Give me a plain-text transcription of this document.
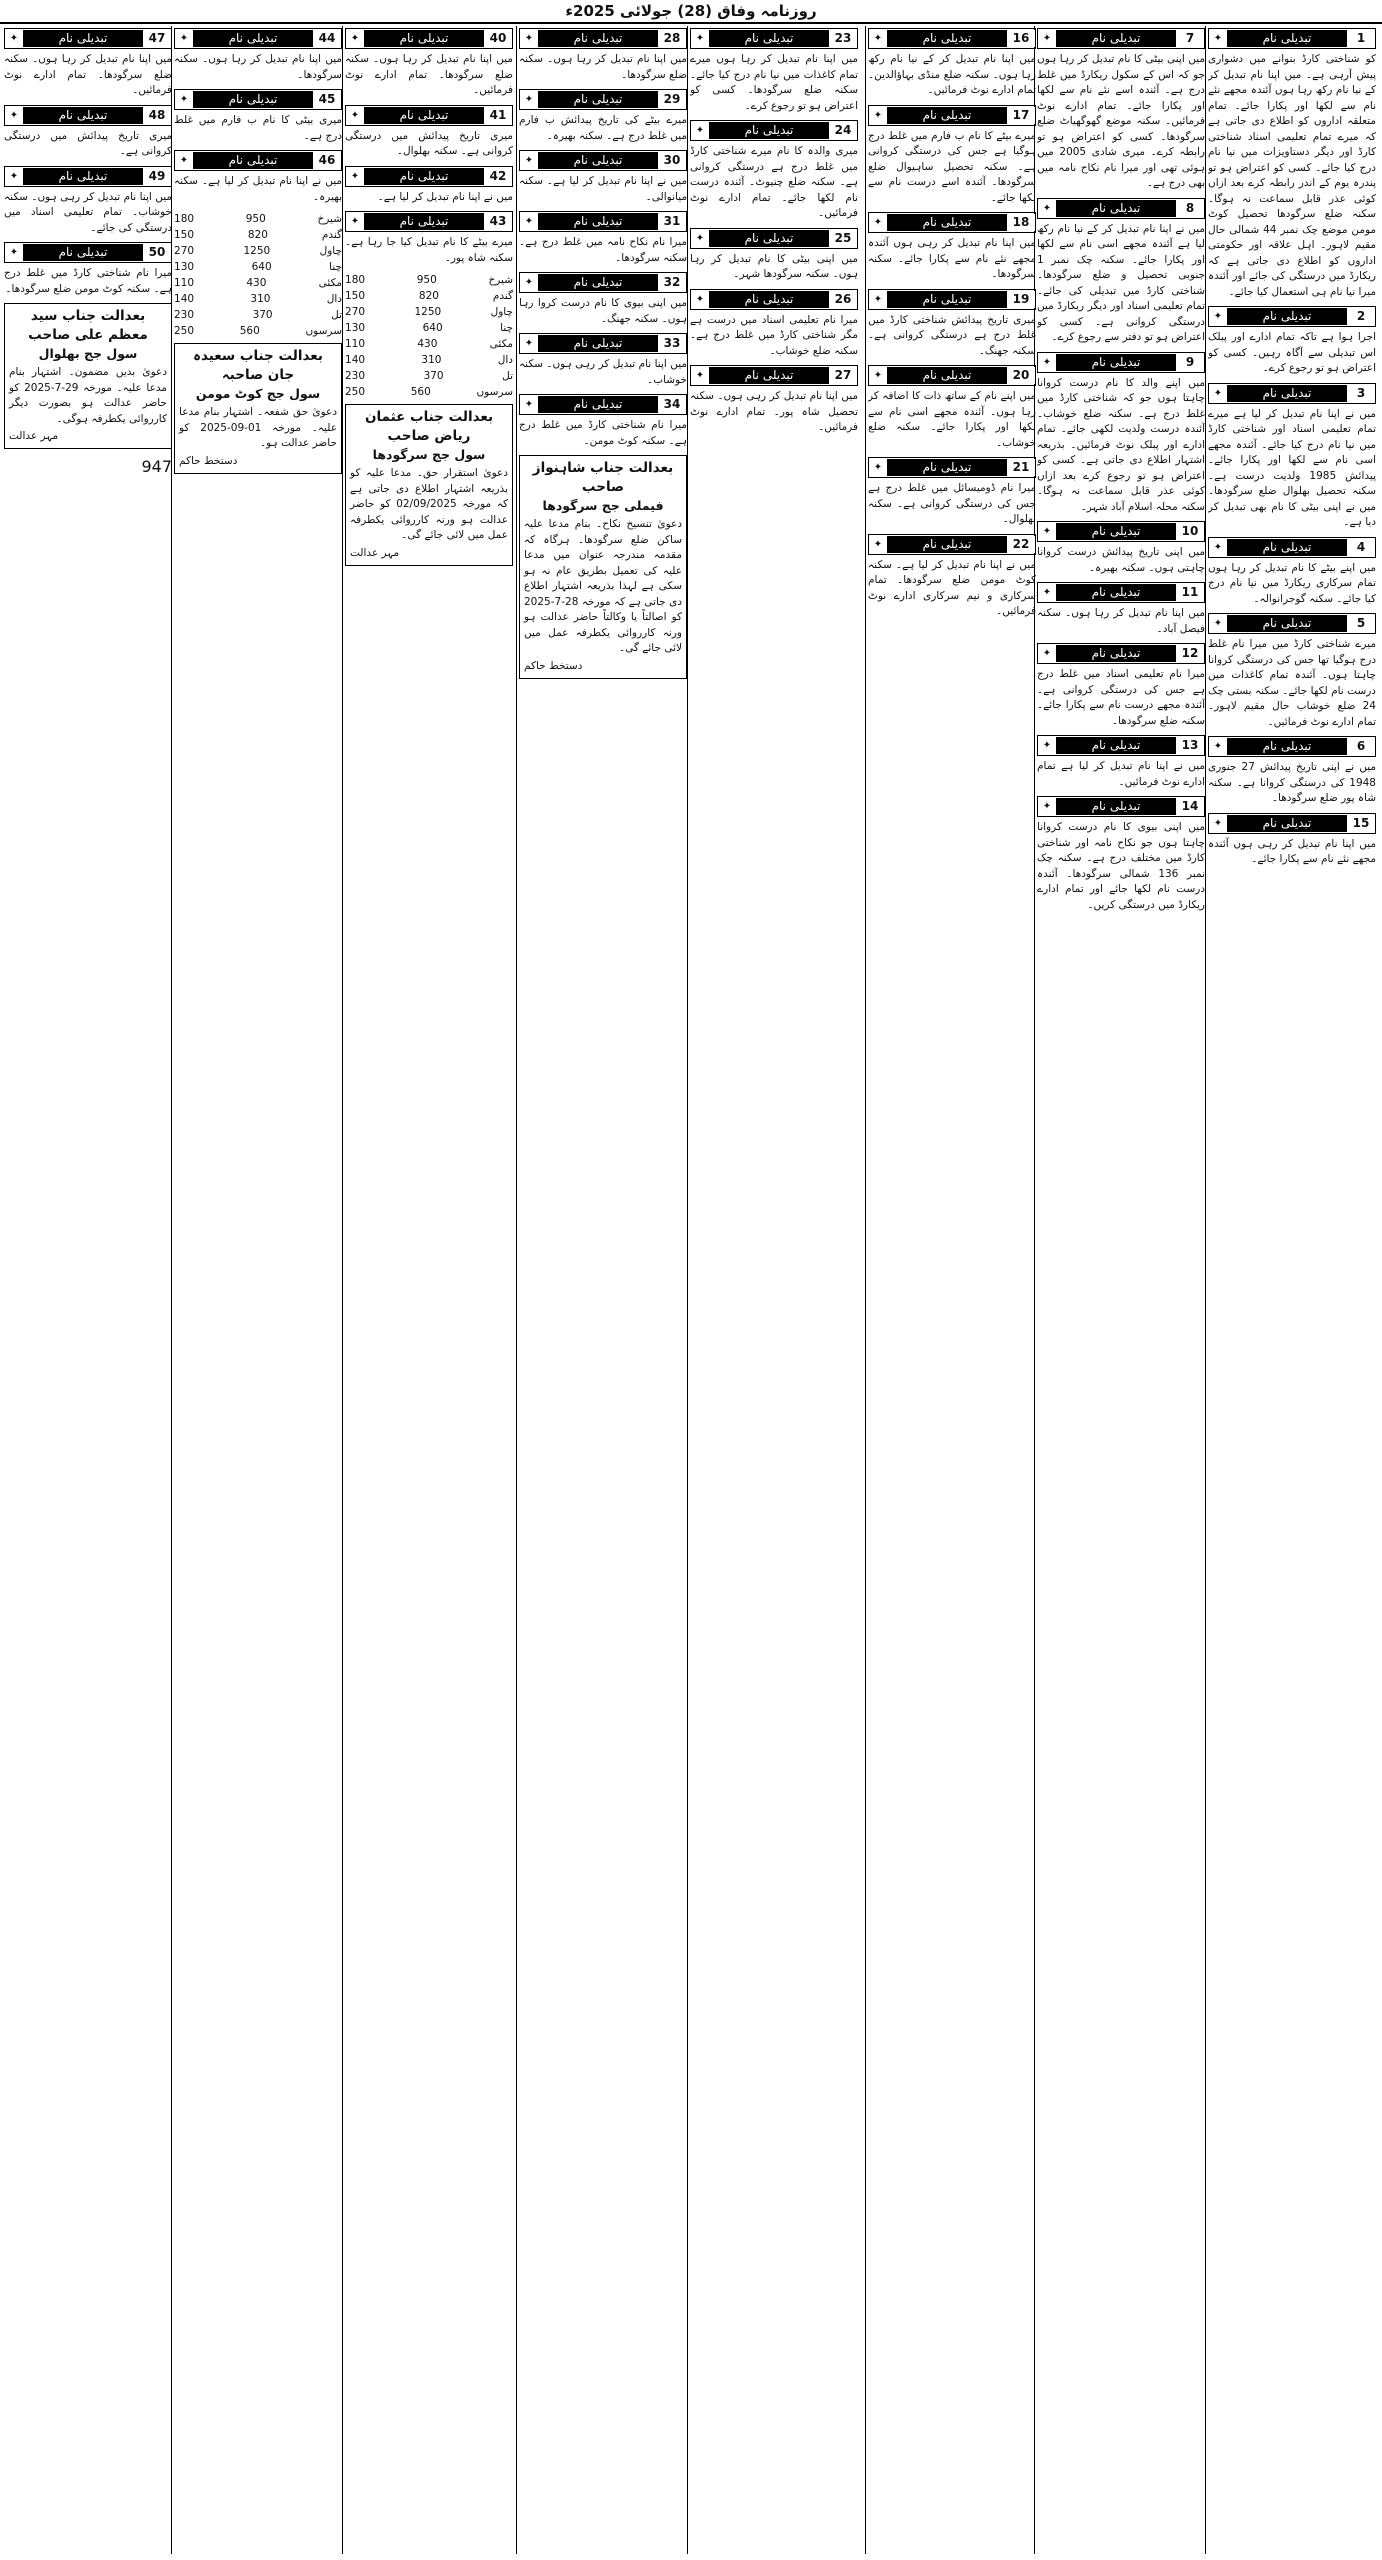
روزنامہ وفاق (28) جولائی 2025ء
1
تبدیلی نام
✦
کو شناختی کارڈ بنوانے میں دشواری پیش آرہی ہے۔ میں اپنا نام تبدیل کر کے نیا نام رکھ رہا ہوں آئندہ مجھے نئے نام سے لکھا اور پکارا جائے۔ تمام متعلقہ اداروں کو اطلاع دی جاتی ہے کہ میرے تمام تعلیمی اسناد شناختی کارڈ اور دیگر دستاویزات میں نیا نام درج کیا جائے۔ کسی کو اعتراض ہو تو پندرہ یوم کے اندر رابطہ کرے بعد ازاں کوئی عذر قابل سماعت نہ ہوگا۔ سکنہ ضلع سرگودھا تحصیل کوٹ مومن موضع چک نمبر 44 شمالی حال مقیم لاہور۔ اہل علاقہ اور حکومتی اداروں کو اطلاع دی جاتی ہے کہ ریکارڈ میں درستگی کی جائے اور آئندہ میرا نیا نام ہی استعمال کیا جائے۔
2
تبدیلی نام
✦
اجرا ہوا ہے تاکہ تمام ادارے اور پبلک اس تبدیلی سے آگاہ رہیں۔ کسی کو اعتراض ہو تو رجوع کرے۔
3
تبدیلی نام
✦
میں نے اپنا نام تبدیل کر لیا ہے میرے تمام تعلیمی اسناد اور شناختی کارڈ میں نیا نام درج کیا جائے۔ آئندہ مجھے اسی نام سے لکھا اور پکارا جائے۔ پیدائش 1985 ولدیت درست ہے۔ سکنہ تحصیل بھلوال ضلع سرگودھا۔ میں نے اپنی بیٹی کا نام بھی تبدیل کر دیا ہے۔
4
تبدیلی نام
✦
میں اپنے بیٹے کا نام تبدیل کر رہا ہوں تمام سرکاری ریکارڈ میں نیا نام درج کیا جائے۔ سکنہ گوجرانوالہ۔
5
تبدیلی نام
✦
میرے شناختی کارڈ میں میرا نام غلط درج ہوگیا تھا جس کی درستگی کروانا چاہتا ہوں۔ آئندہ تمام کاغذات میں درست نام لکھا جائے۔ سکنہ بستی چک 24 ضلع خوشاب حال مقیم لاہور۔ تمام ادارے نوٹ فرمائیں۔
6
تبدیلی نام
✦
میں نے اپنی تاریخ پیدائش 27 جنوری 1948 کی درستگی کروانا ہے۔ سکنہ شاہ پور ضلع سرگودھا۔
15
تبدیلی نام
✦
میں اپنا نام تبدیل کر رہی ہوں آئندہ مجھے نئے نام سے پکارا جائے۔
7
تبدیلی نام
✦
میں اپنی بیٹی کا نام تبدیل کر رہا ہوں جو کہ اس کے سکول ریکارڈ میں غلط درج ہے۔ آئندہ اسے نئے نام سے لکھا اور پکارا جائے۔ تمام ادارے نوٹ فرمائیں۔ سکنہ موضع گھوگھیاٹ ضلع سرگودھا۔ کسی کو اعتراض ہو تو رابطہ کرے۔ میری شادی 2005 میں ہوئی تھی اور میرا نام نکاح نامہ میں بھی درج ہے۔
8
تبدیلی نام
✦
میں نے اپنا نام تبدیل کر کے نیا نام رکھ لیا ہے آئندہ مجھے اسی نام سے لکھا اور پکارا جائے۔ سکنہ چک نمبر 1 جنوبی تحصیل و ضلع سرگودھا۔ شناختی کارڈ میں تبدیلی کی جائے۔ تمام تعلیمی اسناد اور دیگر ریکارڈ میں درستگی کروانی ہے۔ کسی کو اعتراض ہو تو دفتر سے رجوع کرے۔
9
تبدیلی نام
✦
میں اپنے والد کا نام درست کروانا چاہتا ہوں جو کہ شناختی کارڈ میں غلط درج ہے۔ سکنہ ضلع خوشاب۔ آئندہ درست ولدیت لکھی جائے۔ تمام ادارے اور پبلک نوٹ فرمائیں۔ بذریعہ اشتہار اطلاع دی جاتی ہے۔ کسی کو اعتراض ہو تو رجوع کرے بعد ازاں کوئی عذر قابل سماعت نہ ہوگا۔ سکنہ محلہ اسلام آباد شہر۔
10
تبدیلی نام
✦
میں اپنی تاریخ پیدائش درست کروانا چاہتی ہوں۔ سکنہ بھیرہ۔
11
تبدیلی نام
✦
میں اپنا نام تبدیل کر رہا ہوں۔ سکنہ فیصل آباد۔
12
تبدیلی نام
✦
میرا نام تعلیمی اسناد میں غلط درج ہے جس کی درستگی کروانی ہے۔ آئندہ مجھے درست نام سے پکارا جائے۔ سکنہ ضلع سرگودھا۔
13
تبدیلی نام
✦
میں نے اپنا نام تبدیل کر لیا ہے تمام ادارے نوٹ فرمائیں۔
14
تبدیلی نام
✦
میں اپنی بیوی کا نام درست کروانا چاہتا ہوں جو نکاح نامہ اور شناختی کارڈ میں مختلف درج ہے۔ سکنہ چک نمبر 136 شمالی سرگودھا۔ آئندہ درست نام لکھا جائے اور تمام ادارے ریکارڈ میں درستگی کریں۔
16
تبدیلی نام
✦
میں اپنا نام تبدیل کر کے نیا نام رکھ رہا ہوں۔ سکنہ ضلع منڈی بہاؤالدین۔ تمام ادارے نوٹ فرمائیں۔
17
تبدیلی نام
✦
میرے بیٹے کا نام ب فارم میں غلط درج ہوگیا ہے جس کی درستگی کروانی ہے۔ سکنہ تحصیل ساہیوال ضلع سرگودھا۔ آئندہ اسے درست نام سے لکھا جائے۔
18
تبدیلی نام
✦
میں اپنا نام تبدیل کر رہی ہوں آئندہ مجھے نئے نام سے پکارا جائے۔ سکنہ سرگودھا۔
19
تبدیلی نام
✦
میری تاریخ پیدائش شناختی کارڈ میں غلط درج ہے درستگی کروانی ہے۔ سکنہ جھنگ۔
20
تبدیلی نام
✦
میں اپنے نام کے ساتھ ذات کا اضافہ کر رہا ہوں۔ آئندہ مجھے اسی نام سے لکھا اور پکارا جائے۔ سکنہ ضلع خوشاب۔
21
تبدیلی نام
✦
میرا نام ڈومیسائل میں غلط درج ہے جس کی درستگی کروانی ہے۔ سکنہ بھلوال۔
22
تبدیلی نام
✦
میں نے اپنا نام تبدیل کر لیا ہے۔ سکنہ کوٹ مومن ضلع سرگودھا۔ تمام سرکاری و نیم سرکاری ادارے نوٹ فرمائیں۔
23
تبدیلی نام
✦
میں اپنا نام تبدیل کر رہا ہوں میرے تمام کاغذات میں نیا نام درج کیا جائے۔ سکنہ ضلع سرگودھا۔ کسی کو اعتراض ہو تو رجوع کرے۔
24
تبدیلی نام
✦
میری والدہ کا نام میرے شناختی کارڈ میں غلط درج ہے درستگی کروانی ہے۔ سکنہ ضلع چنیوٹ۔ آئندہ درست نام لکھا جائے۔ تمام ادارے نوٹ فرمائیں۔
25
تبدیلی نام
✦
میں اپنی بیٹی کا نام تبدیل کر رہا ہوں۔ سکنہ سرگودھا شہر۔
26
تبدیلی نام
✦
میرا نام تعلیمی اسناد میں درست ہے مگر شناختی کارڈ میں غلط درج ہے۔ سکنہ ضلع خوشاب۔
27
تبدیلی نام
✦
میں اپنا نام تبدیل کر رہی ہوں۔ سکنہ تحصیل شاہ پور۔ تمام ادارے نوٹ فرمائیں۔
28
تبدیلی نام
✦
میں اپنا نام تبدیل کر رہا ہوں۔ سکنہ ضلع سرگودھا۔
29
تبدیلی نام
✦
میرے بیٹے کی تاریخ پیدائش ب فارم میں غلط درج ہے۔ سکنہ بھیرہ۔
30
تبدیلی نام
✦
میں نے اپنا نام تبدیل کر لیا ہے۔ سکنہ میانوالی۔
31
تبدیلی نام
✦
میرا نام نکاح نامہ میں غلط درج ہے۔ سکنہ سرگودھا۔
32
تبدیلی نام
✦
میں اپنی بیوی کا نام درست کروا رہا ہوں۔ سکنہ جھنگ۔
33
تبدیلی نام
✦
میں اپنا نام تبدیل کر رہی ہوں۔ سکنہ خوشاب۔
34
تبدیلی نام
✦
میرا نام شناختی کارڈ میں غلط درج ہے۔ سکنہ کوٹ مومن۔
بعدالت جناب شاہنواز صاحب
فیملی جج سرگودھا
دعویٰ تنسیخ نکاح۔ بنام مدعا علیہ ساکن ضلع سرگودھا۔ ہرگاہ کہ مقدمہ مندرجہ عنوان میں مدعا علیہ کی تعمیل بطریق عام نہ ہو سکی ہے لہذا بذریعہ اشتہار اطلاع دی جاتی ہے کہ مورخہ 28-7-2025 کو اصالتاً یا وکالتاً حاضر عدالت ہو ورنہ کارروائی یکطرفہ عمل میں لائی جائے گی۔
دستخط حاکم
40
تبدیلی نام
✦
میں اپنا نام تبدیل کر رہا ہوں۔ سکنہ ضلع سرگودھا۔ تمام ادارے نوٹ فرمائیں۔
41
تبدیلی نام
✦
میری تاریخ پیدائش میں درستگی کروانی ہے۔ سکنہ بھلوال۔
42
تبدیلی نام
✦
میں نے اپنا نام تبدیل کر لیا ہے۔
43
تبدیلی نام
✦
میرے بیٹے کا نام تبدیل کیا جا رہا ہے۔ سکنہ شاہ پور۔
شیرخ
950
180
گندم
820
150
چاول
1250
270
چنا
640
130
مکئی
430
110
دال
310
140
تل
370
230
سرسوں
560
250
بعدالت جناب عثمان ریاض صاحب
سول جج سرگودھا
دعویٰ استقرار حق۔ مدعا علیہ کو بذریعہ اشتہار اطلاع دی جاتی ہے کہ مورخہ 02/09/2025 کو حاضر عدالت ہو ورنہ کارروائی یکطرفہ عمل میں لائی جائے گی۔
مہر عدالت
44
تبدیلی نام
✦
میں اپنا نام تبدیل کر رہا ہوں۔ سکنہ سرگودھا۔
45
تبدیلی نام
✦
میری بیٹی کا نام ب فارم میں غلط درج ہے۔
46
تبدیلی نام
✦
میں نے اپنا نام تبدیل کر لیا ہے۔ سکنہ بھیرہ۔
شیرخ
950
180
گندم
820
150
چاول
1250
270
چنا
640
130
مکئی
430
110
دال
310
140
تل
370
230
سرسوں
560
250
بعدالت جناب سعیدہ جان صاحبہ
سول جج کوٹ مومن
دعویٰ حق شفعہ۔ اشتہار بنام مدعا علیہ۔ مورخہ 01-09-2025 کو حاضر عدالت ہو۔
دستخط حاکم
47
تبدیلی نام
✦
میں اپنا نام تبدیل کر رہا ہوں۔ سکنہ ضلع سرگودھا۔ تمام ادارے نوٹ فرمائیں۔
48
تبدیلی نام
✦
میری تاریخ پیدائش میں درستگی کروانی ہے۔
49
تبدیلی نام
✦
میں اپنا نام تبدیل کر رہی ہوں۔ سکنہ خوشاب۔ تمام تعلیمی اسناد میں درستگی کی جائے۔
50
تبدیلی نام
✦
میرا نام شناختی کارڈ میں غلط درج ہے۔ سکنہ کوٹ مومن ضلع سرگودھا۔
بعدالت جناب سید معظم علی صاحب
سول جج بھلوال
دعویٰ بدیں مضمون۔ اشتہار بنام مدعا علیہ۔ مورخہ 29-7-2025 کو حاضر عدالت ہو بصورت دیگر کارروائی یکطرفہ ہوگی۔
مہر عدالت
947
